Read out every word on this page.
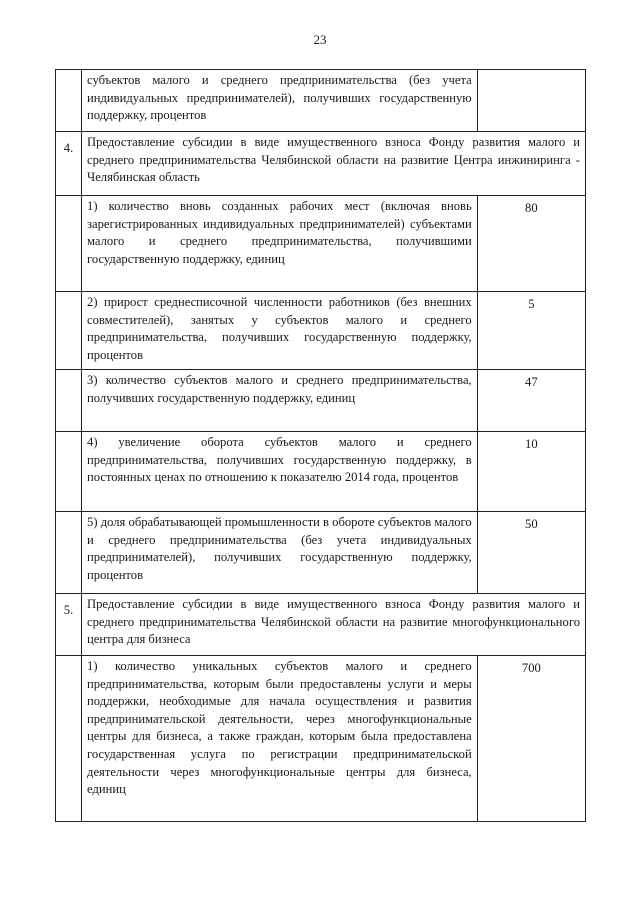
23
	субъектов малого и среднего предпринимательства (без учета индивидуальных предпринимателей), получивших государственную поддержку, процентов	
4.	Предоставление субсидии в виде имущественного взноса Фонду развития малого и среднего предпринимательства Челябинской области на развитие Центра инжиниринга - Челябинская область	
	1) количество вновь созданных рабочих мест (включая вновь зарегистрированных индивидуальных предпринимателей) субъектами малого и среднего предпринимательства, получившими государственную поддержку, единиц	80
	2) прирост среднесписочной численности работников (без внешних совместителей), занятых у субъектов малого и среднего предпринимательства, получивших государственную поддержку, процентов	5
	3) количество субъектов малого и среднего предпринимательства, получивших государственную поддержку, единиц	47
	4) увеличение оборота субъектов малого и среднего предпринимательства, получивших государственную поддержку, в постоянных ценах по отношению к показателю 2014 года, процентов	10
	5) доля обрабатывающей промышленности в обороте субъектов малого и среднего предпринимательства (без учета индивидуальных предпринимателей), получивших государственную поддержку, процентов	50
5.	Предоставление субсидии в виде имущественного взноса Фонду развития малого и среднего предпринимательства Челябинской области на развитие многофункционального центра для бизнеса	
	1) количество уникальных субъектов малого и среднего предпринимательства, которым были предоставлены услуги и меры поддержки, необходимые для начала осуществления и развития предпринимательской деятельности, через многофункциональные центры для бизнеса, а также граждан, которым была предоставлена государственная услуга по регистрации предпринимательской деятельности через многофункциональные центры для бизнеса, единиц	700
